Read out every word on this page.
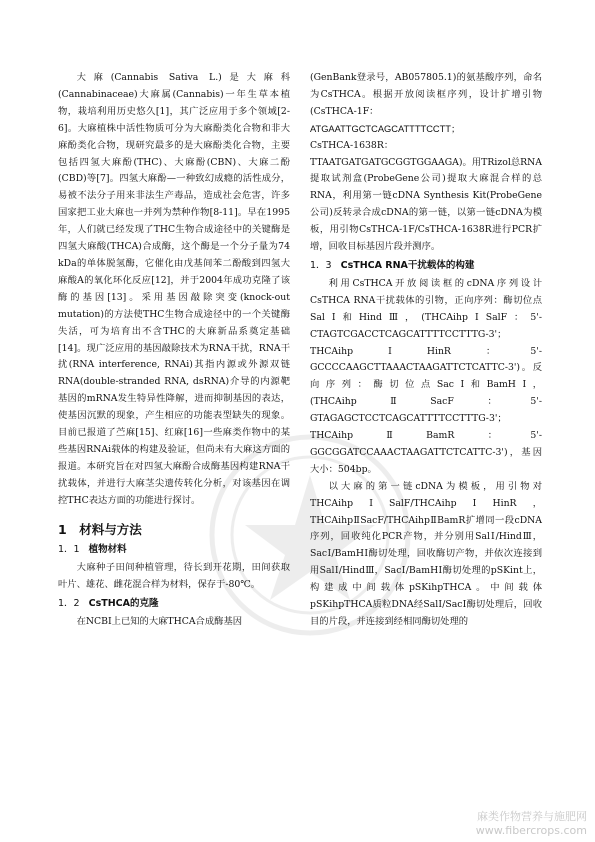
大麻(Cannabis Sativa L.)是大麻科(Cannabinaceae)大麻属(Cannabis)一年生草本植物，栽培利用历史悠久[1]，其广泛应用于多个领域[2-6]。大麻植株中活性物质可分为大麻酚类化合物和非大麻酚类化合物，现研究最多的是大麻酚类化合物，主要包括四氢大麻酚(THC)、大麻酚(CBN)、大麻二酚(CBD)等[7]。四氢大麻酚—一种致幻成瘾的活性成分，易被不法分子用来非法生产毒品，造成社会危害，许多国家把工业大麻也一并列为禁种作物[8-11]。早在1995年，人们就已经发现了THC生物合成途径中的关键酶是四氢大麻酸(THCA)合成酶，这个酶是一个分子量为74 kDa的单体脱氢酶，它催化由戊基间苯二酚酸到四氢大麻酸A的氧化环化反应[12]，并于2004年成功克隆了该酶的基因[13]。采用基因敲除突变(knock-out mutation)的方法使THC生物合成途径中的一个关键酶失活，可为培育出不含THC的大麻新品系奠定基础[14]。现广泛应用的基因敲除技术为RNA干扰，RNA干扰(RNA interference, RNAi)其指内源或外源双链RNA(double-stranded RNA, dsRNA)介导的内源靶基因的mRNA发生特异性降解，进而抑制基因的表达，使基因沉默的现象，产生相应的功能表型缺失的现象。目前已报道了苎麻[15]、红麻[16]一些麻类作物中的某些基因RNAi载体的构建及验证，但尚未有大麻这方面的报道。本研究旨在对四氢大麻酚合成酶基因构建RNA干扰载体，并进行大麻茎尖遗传转化分析，对该基因在调控THC表达方面的功能进行探讨。

1　材料与方法
1．1 植物材料

大麻种子田间种植管理，待长到开花期，田间获取叶片、雄花、雌花混合样为材料，保存于-80℃。

1．2 CsTHCA的克隆

在NCBI上已知的大麻THCA合成酶基因

(GenBank登录号，AB057805.1)的氨基酸序列，命名为CsTHCA。根据开放阅读框序列，设计扩增引物(CsTHCA-1F：

ATGAATTGCTCAGCATTTTCCTT；

CsTHCA-1638R：

TTAATGATGATGCGGTGGAAGA)。用TRizol总RNA提取试剂盒(ProbeGene公司)提取大麻混合样的总RNA，利用第一链cDNA Synthesis Kit(ProbeGene公司)反转录合成cDNA的第一链，以第一链cDNA为模板，用引物CsTHCA-1F/CsTHCA-1638R进行PCR扩增，回收目标基因片段并测序。

1．3 CsTHCA RNA干扰载体的构建

利用CsTHCA开放阅读框的cDNA序列设计CsTHCA RNA干扰载体的引物，正向序列：酶切位点SalⅠ和HindⅢ，(THCAihpⅠSalF：5'-CTAGTCGACCTCAGCATTTTCCTTTG-3'；THCAihpⅠHinR：5'-GCCCCAAGCTTAAACTAAGATTCTCATTC-3')。反向序列：酶切位点SacⅠ和BamHⅠ，(THCAihpⅡSacF：5'-GTAGAGCTCCTCAGCATTTTCCTTTG-3'；THCAihpⅡBamR：5'-GGCGGATCCAAACTAAGATTCTCATTC-3')，基因大小：504bp。

以大麻的第一链cDNA为模板，用引物对THCAihpⅠSalF/THCAihpⅠHinR，THCAihpⅡSacF/THCAihpⅡBamR扩增同一段cDNA序列，回收纯化PCR产物，并分别用SalⅠ/HindⅢ，SacⅠ/BamHⅠ酶切处理，回收酶切产物，并依次连接到用SalⅠ/HindⅢ，SacⅠ/BamHⅠ酶切处理的pSKint上，构建成中间载体pSKihpTHCA。中间载体pSKihpTHCA质粒DNA经SalⅠ/SacⅠ酶切处理后，回收目的片段，并连接到经相同酶切处理的

麻类作物营养与施肥网
www.fibercrops.com
